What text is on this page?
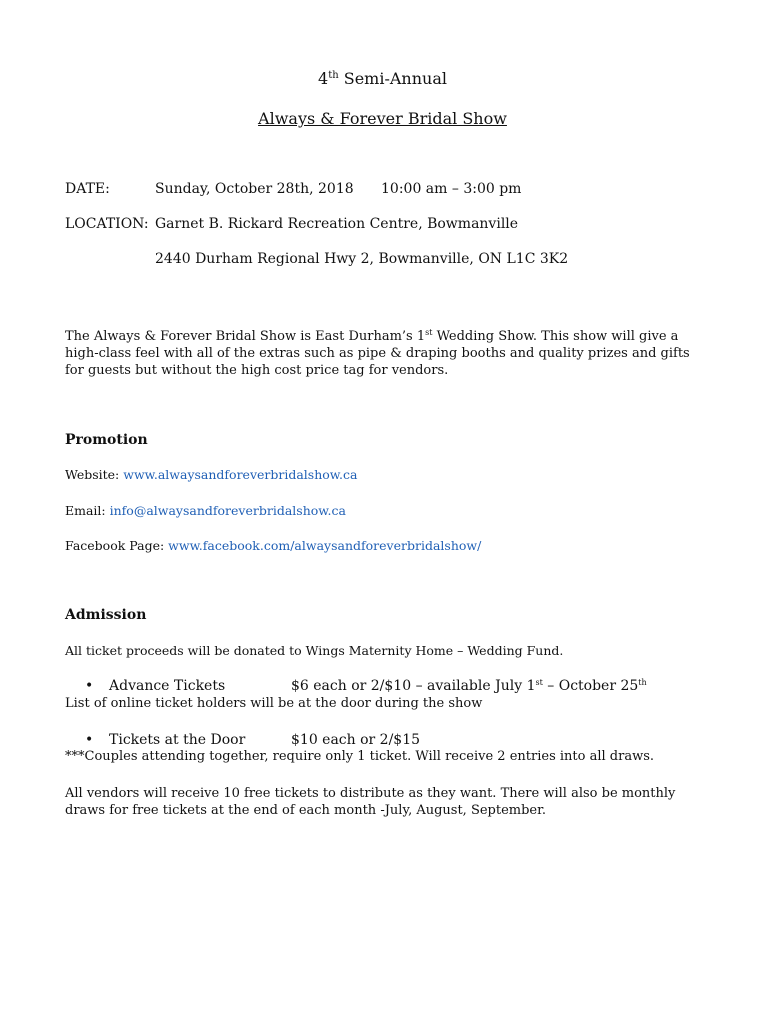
4th Semi-Annual
Always & Forever Bridal Show
DATE:	Sunday, October 28th, 2018 10:00 am – 3:00 pm
LOCATION: Garnet B. Rickard Recreation Centre, Bowmanville
2440 Durham Regional Hwy 2, Bowmanville, ON L1C 3K2
The Always & Forever Bridal Show is East Durham’s 1st Wedding Show. This show will give a high-class feel with all of the extras such as pipe & draping booths and quality prizes and gifts for guests but without the high cost price tag for vendors.
Promotion
Website: www.alwaysandforeverbridalshow.ca
Email: info@alwaysandforeverbridalshow.ca
Facebook Page: www.facebook.com/alwaysandforeverbridalshow/
Admission
All ticket proceeds will be donated to Wings Maternity Home – Wedding Fund.
• Advance Tickets	$6 each or 2/$10 – available July 1st – October 25th
List of online ticket holders will be at the door during the show
• Tickets at the Door	$10 each or 2/$15
***Couples attending together, require only 1 ticket. Will receive 2 entries into all draws.
All vendors will receive 10 free tickets to distribute as they want. There will also be monthly draws for free tickets at the end of each month -July, August, September.
